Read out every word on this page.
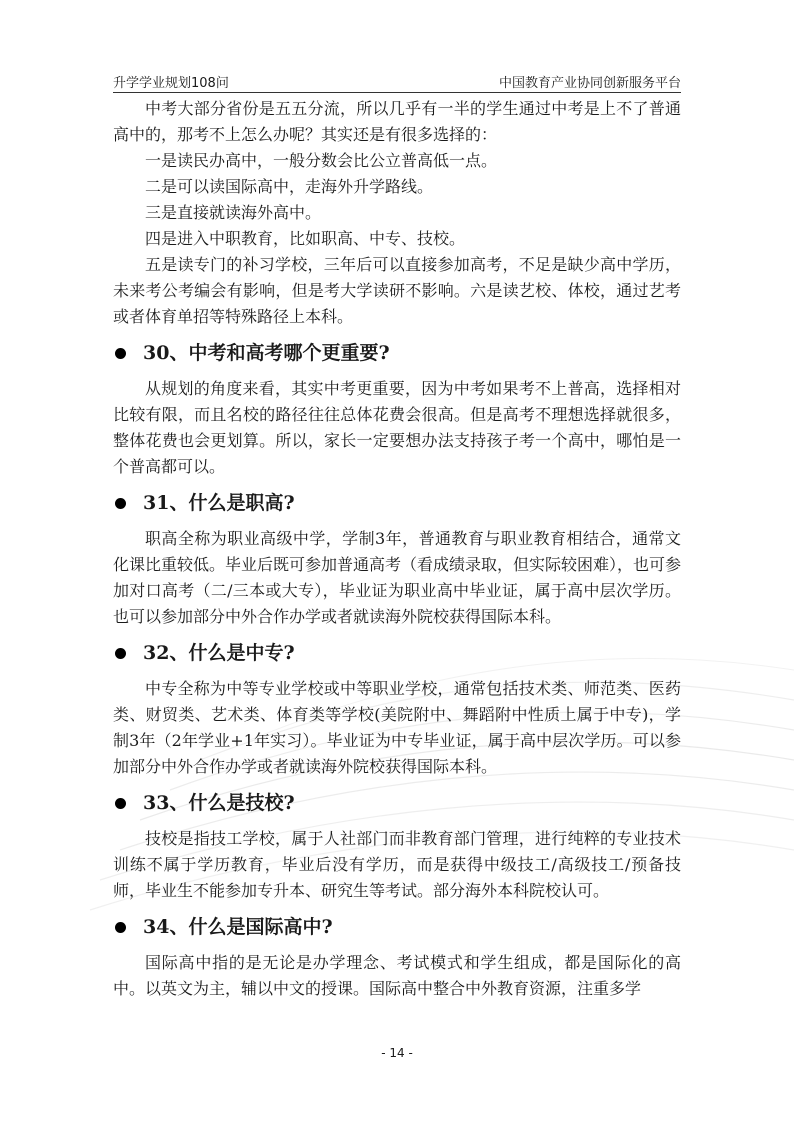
升学学业规划108问	中国教育产业协同创新服务平台

中考大部分省份是五五分流，所以几乎有一半的学生通过中考是上不了普通高中的，那考不上怎么办呢？其实还是有很多选择的：

一是读民办高中，一般分数会比公立普高低一点。

二是可以读国际高中，走海外升学路线。

三是直接就读海外高中。

四是进入中职教育，比如职高、中专、技校。

五是读专门的补习学校，三年后可以直接参加高考，不足是缺少高中学历，未来考公考编会有影响，但是考大学读研不影响。六是读艺校、体校，通过艺考或者体育单招等特殊路径上本科。

30、中考和高考哪个更重要?

从规划的角度来看，其实中考更重要，因为中考如果考不上普高，选择相对比较有限，而且名校的路径往往总体花费会很高。但是高考不理想选择就很多，整体花费也会更划算。所以，家长一定要想办法支持孩子考一个高中，哪怕是一个普高都可以。

31、什么是职高?

职高全称为职业高级中学，学制3年，普通教育与职业教育相结合，通常文化课比重较低。毕业后既可参加普通高考（看成绩录取，但实际较困难），也可参加对口高考（二/三本或大专），毕业证为职业高中毕业证，属于高中层次学历。也可以参加部分中外合作办学或者就读海外院校获得国际本科。

32、什么是中专?

中专全称为中等专业学校或中等职业学校，通常包括技术类、师范类、医药类、财贸类、艺术类、体育类等学校(美院附中、舞蹈附中性质上属于中专)，学制3年（2年学业+1年实习）。毕业证为中专毕业证，属于高中层次学历。可以参加部分中外合作办学或者就读海外院校获得国际本科。

33、什么是技校?

技校是指技工学校，属于人社部门而非教育部门管理，进行纯粹的专业技术训练不属于学历教育，毕业后没有学历，而是获得中级技工/高级技工/预备技师，毕业生不能参加专升本、研究生等考试。部分海外本科院校认可。

34、什么是国际高中?

国际高中指的是无论是办学理念、考试模式和学生组成，都是国际化的高中。以英文为主，辅以中文的授课。国际高中整合中外教育资源，注重多学

- 14 -
